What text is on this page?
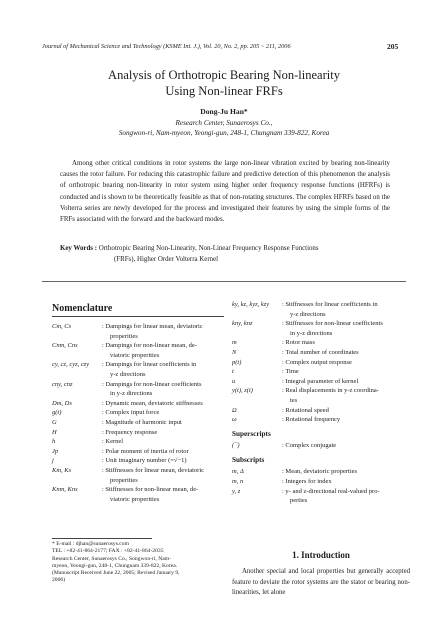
Journal of Mechanical Science and Technology (KSME Int. J.), Vol. 20, No. 2, pp. 205 ~ 211, 2006	205
Analysis of Orthotropic Bearing Non-linearity
Using Non-linear FRFs
Dong-Ju Han*
Research Center, Sunaerosys Co.,
Songwon-ri, Nam-myeon, Yeongi-gun, 248-1, Chungnam 339-822, Korea
Among other critical conditions in rotor systems the large non-linear vibration excited by bearing non-linearity causes the rotor failure. For reducing this catastrophic failure and predictive detection of this phenomenon the analysis of orthotropic bearing non-linearity in rotor system using higher order frequency response functions (HFRFs) is conducted and is shown to be theoretically feasible as that of non-rotating structures. The complex HFRFs based on the Volterra series are newly developed for the process and investigated their features by using the simple forms of the FRFs associated with the forward and the backward modes.
Key Words : Orthotropic Bearing Non-Linearity, Non-Linear Frequency Response Functions
(FRFs), Higher Order Volterra Kernel
Nomenclature
Cm, Cs	: Dampings for linear mean, deviatoric
properities
Cnm, Cns	: Dampings for non-linear mean, de-
viatoric properities
cy, cz, cyz, czy : Dampings for linear coefficients in
y-z directions
cny, cnz	: Dampings for non-linear coefficients
in y-z directions
Dm, Ds	: Dynamic mean, deviatoric stiffnesses
g(t)	: Complex input force
G	: Magnitude of harmonic input
H	: Frequency response
h	: Kernel
Jp	: Polar moment of inertia of rotor
j	: Unit imaginary number (=√−1)
Km, Ks	: Stiffnesses for linear mean, deviatoric
properities
Knm, Kns	: Stiffnesses for non-linear mean, de-
viatoric properities
ky, kz, kyz, kzy : Stiffnesses for linear coefficients in
y-z directions
kny, knz	: Stiffnesses for non-linear coefficients
in y-z directions
m	: Rotor mass
N	: Total number of coordinates
p(t)	: Complex output response
t	: Time
u	: Integral parameter of kernel
y(t), z(t)	: Real displacements in y-z coordina-
tes
Ω	: Rotational speed
ω	: Rotational frequency
Superscripts
(¯)	: Complex conjugate
Subscripts
m, Δ	: Mean, deviatoric properties
m, n	: Integers for index
y, z	: y- and z-directional real-valued pro-
perties
* E-mail : djhan@sunaerosys.com
TEL : +82-41-864-2177; FAX : +82-41-864-2035
Research Center, Sunaerosys Co., Songwon-ri, Nam-
myeon, Yeongi-gun, 248-1, Chungnam 339-822, Korea.
(Manuscript Received June 22, 2005; Revised January 9,
2006)
1. Introduction
Another special and local properties but generally accepted feature to deviate the rotor systems are the stator or bearing non-linearities, let alone
